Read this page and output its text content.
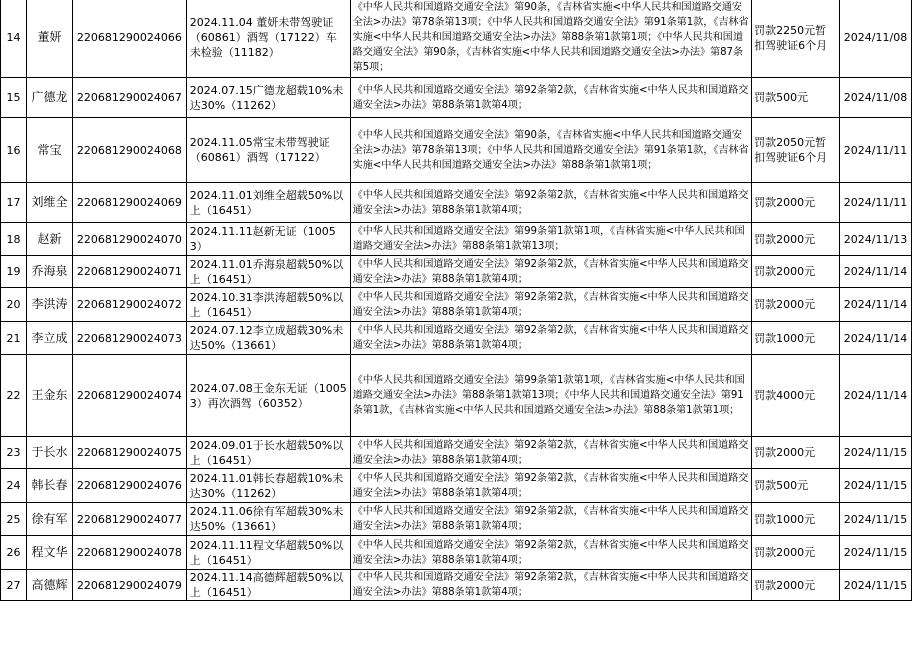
14	董妍	220681290024066	2024.11.04 董妍未带驾驶证（60861）酒驾（17122）车未检验（11182）	《中华人民共和国道路交通安全法》第90条，《吉林省实施<中华人民共和国道路交通安全法>办法》第78条第13项；《中华人民共和国道路交通安全法》第91条第1款，《吉林省实施<中华人民共和国道路交通安全法>办法》第88条第1款第1项；《中华人民共和国道路交通安全法》第90条，《吉林省实施<中华人民共和国道路交通安全法>办法》第87条第5项；	罚款2250元暂扣驾驶证6个月	2024/11/08
15	广德龙	220681290024067	2024.07.15广德龙超载10%未达30%（11262）	《中华人民共和国道路交通安全法》第92条第2款，《吉林省实施<中华人民共和国道路交通安全法>办法》第88条第1款第4项；	罚款500元	2024/11/08
16	常宝	220681290024068	2024.11.05常宝未带驾驶证（60861）酒驾（17122）	《中华人民共和国道路交通安全法》第90条，《吉林省实施<中华人民共和国道路交通安全法>办法》第78条第13项；《中华人民共和国道路交通安全法》第91条第1款，《吉林省实施<中华人民共和国道路交通安全法>办法》第88条第1款第1项；	罚款2050元暂扣驾驶证6个月	2024/11/11
17	刘维全	220681290024069	2024.11.01刘维全超载50%以上（16451）	《中华人民共和国道路交通安全法》第92条第2款，《吉林省实施<中华人民共和国道路交通安全法>办法》第88条第1款第4项；	罚款2000元	2024/11/11
18	赵新	220681290024070	2024.11.11赵新无证（10053）	《中华人民共和国道路交通安全法》第99条第1款第1项，《吉林省实施<中华人民共和国道路交通安全法>办法》第88条第1款第13项；	罚款2000元	2024/11/13
19	乔海泉	220681290024071	2024.11.01乔海泉超载50%以上（16451）	《中华人民共和国道路交通安全法》第92条第2款，《吉林省实施<中华人民共和国道路交通安全法>办法》第88条第1款第4项；	罚款2000元	2024/11/14
20	李洪涛	220681290024072	2024.10.31李洪涛超载50%以上（16451）	《中华人民共和国道路交通安全法》第92条第2款，《吉林省实施<中华人民共和国道路交通安全法>办法》第88条第1款第4项；	罚款2000元	2024/11/14
21	李立成	220681290024073	2024.07.12李立成超载30%未达50%（13661）	《中华人民共和国道路交通安全法》第92条第2款，《吉林省实施<中华人民共和国道路交通安全法>办法》第88条第1款第4项；	罚款1000元	2024/11/14
22	王金东	220681290024074	2024.07.08王金东无证（10053）再次酒驾（60352）	《中华人民共和国道路交通安全法》第99条第1款第1项，《吉林省实施<中华人民共和国道路交通安全法>办法》第88条第1款第13项；《中华人民共和国道路交通安全法》第91条第1款，《吉林省实施<中华人民共和国道路交通安全法>办法》第88条第1款第1项；	罚款4000元	2024/11/14
23	于长水	220681290024075	2024.09.01于长水超载50%以上（16451）	《中华人民共和国道路交通安全法》第92条第2款，《吉林省实施<中华人民共和国道路交通安全法>办法》第88条第1款第4项；	罚款2000元	2024/11/15
24	韩长春	220681290024076	2024.11.01韩长春超载10%未达30%（11262）	《中华人民共和国道路交通安全法》第92条第2款，《吉林省实施<中华人民共和国道路交通安全法>办法》第88条第1款第4项；	罚款500元	2024/11/15
25	徐有军	220681290024077	2024.11.06徐有军超载30%未达50%（13661）	《中华人民共和国道路交通安全法》第92条第2款，《吉林省实施<中华人民共和国道路交通安全法>办法》第88条第1款第4项；	罚款1000元	2024/11/15
26	程文华	220681290024078	2024.11.11程文华超载50%以上（16451）	《中华人民共和国道路交通安全法》第92条第2款，《吉林省实施<中华人民共和国道路交通安全法>办法》第88条第1款第4项；	罚款2000元	2024/11/15
27	高德辉	220681290024079	2024.11.14高德辉超载50%以上（16451）	《中华人民共和国道路交通安全法》第92条第2款，《吉林省实施<中华人民共和国道路交通安全法>办法》第88条第1款第4项；	罚款2000元	2024/11/15
